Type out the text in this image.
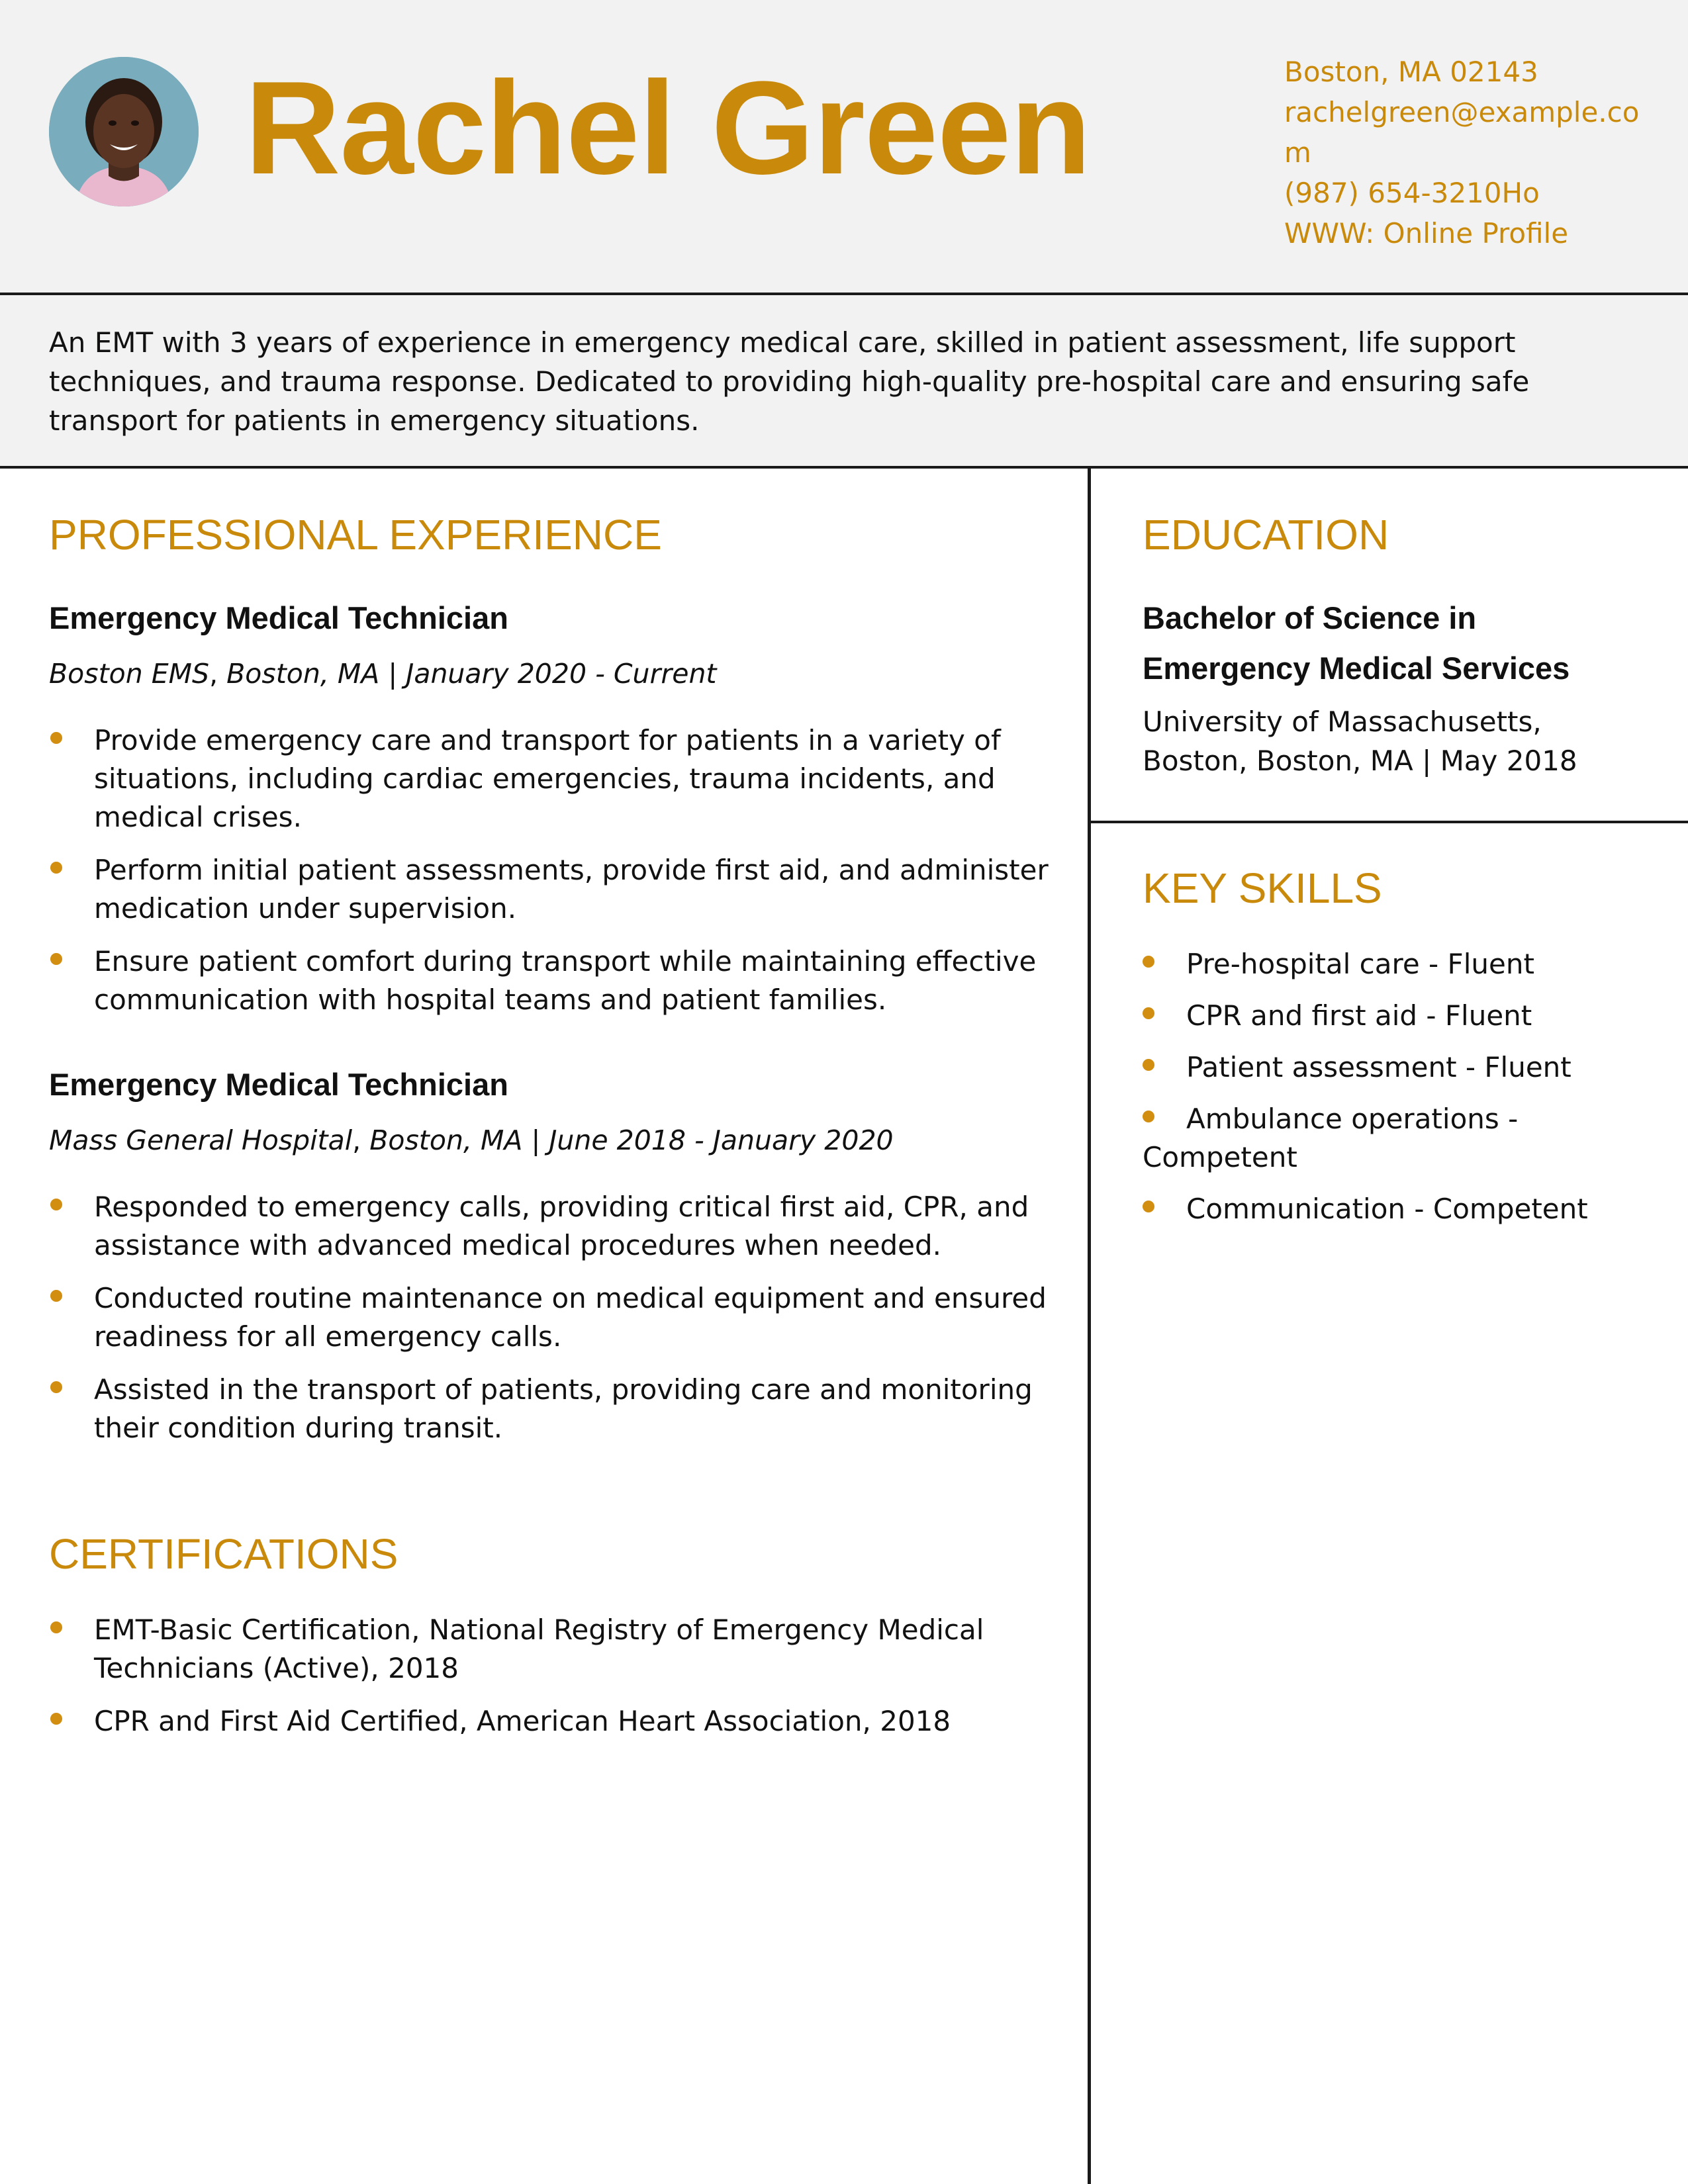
Rachel Green	Boston, MA 02143
rachelgreen@example.com
(987) 654-3210Ho
WWW: Online Profile

An EMT with 3 years of experience in emergency medical care, skilled in patient assessment, life support techniques, and trauma response. Dedicated to providing high-quality pre-hospital care and ensuring safe transport for patients in emergency situations.

PROFESSIONAL EXPERIENCE
Emergency Medical Technician
Boston EMS, Boston, MA | January 2020 - Current
Provide emergency care and transport for patients in a variety of situations, including cardiac emergencies, trauma incidents, and medical crises.
Perform initial patient assessments, provide first aid, and administer medication under supervision.
Ensure patient comfort during transport while maintaining effective communication with hospital teams and patient families.
Emergency Medical Technician
Mass General Hospital, Boston, MA | June 2018 - January 2020
Responded to emergency calls, providing critical first aid, CPR, and assistance with advanced medical procedures when needed.
Conducted routine maintenance on medical equipment and ensured readiness for all emergency calls.
Assisted in the transport of patients, providing care and monitoring their condition during transit.
CERTIFICATIONS
EMT-Basic Certification, National Registry of Emergency Medical Technicians (Active), 2018
CPR and First Aid Certified, American Heart Association, 2018
EDUCATION
Bachelor of Science in
Emergency Medical Services
University of Massachusetts,
Boston, Boston, MA | May 2018
KEY SKILLS
Pre-hospital care - Fluent
CPR and first aid - Fluent
Patient assessment - Fluent
Ambulance operations - Competent
Communication - Competent
